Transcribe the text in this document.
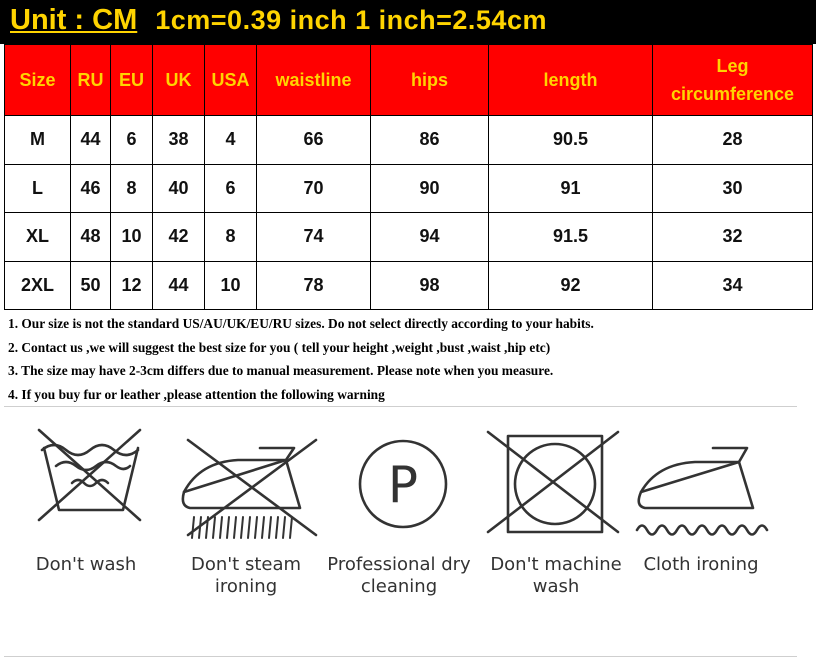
Unit : CM 1cm=0.39 inch 1 inch=2.54cm
Size	RU	EU	UK	USA	waistline	hips	length	Leg circumference
M	44	6	38	4	66	86	90.5	28
L	46	8	40	6	70	90	91	30
XL	48	10	42	8	74	94	91.5	32
2XL	50	12	44	10	78	98	92	34
1. Our size is not the standard US/AU/UK/EU/RU sizes. Do not select directly according to your habits.
2. Contact us ,we will suggest the best size for you ( tell your height ,weight ,bust ,waist ,hip etc)
3. The size may have 2-3cm differs due to manual measurement. Please note when you measure.
4. If you buy fur or leather ,please attention the following warning
Don't wash	Don't steam ironing
P
Professional dry cleaning
Don't machine wash
Cloth ironing
